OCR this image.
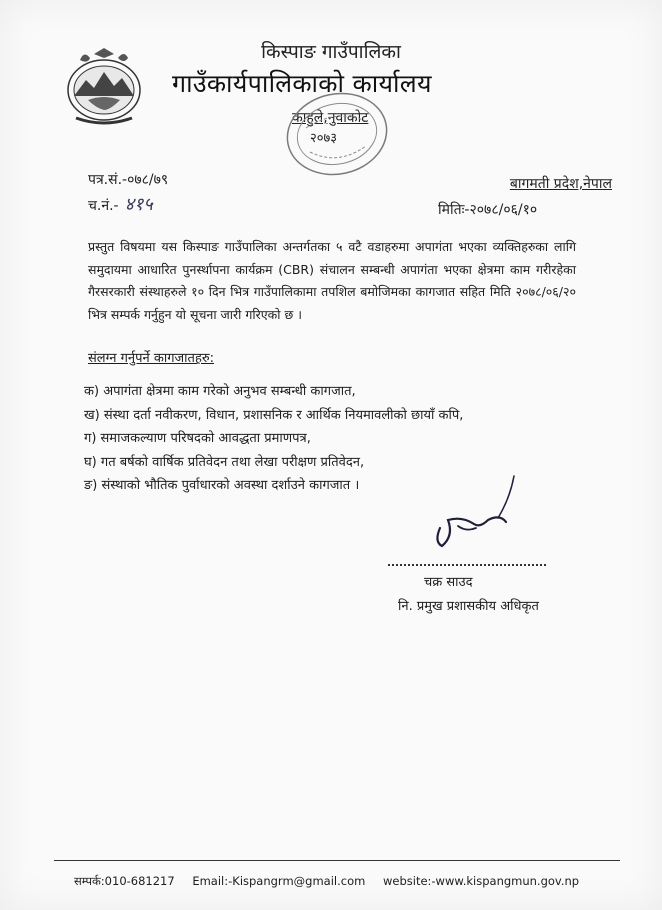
किस्पाङ गाउँपालिका
गाउँकार्यपालिकाको कार्यालय
काहुले,नुवाकोट
२०७३
पत्र.सं.-०७८/७९
च.नं.- ४१५
बागमती प्रदेश,नेपाल
मितिः-२०७८/०६/१०
प्रस्तुत विषयमा यस किस्पाङ गाउँपालिका अन्तर्गतका ५ वटै वडाहरुमा अपागंता भएका व्यक्तिहरुका लागि समुदायमा आधारित पुनर्स्थापना कार्यक्रम (CBR) संचालन सम्बन्धी अपागंता भएका क्षेत्रमा काम गरीरहेका गैरसरकारी संस्थाहरुले १० दिन भित्र गाउँपालिकामा तपशिल बमोजिमका कागजात सहित मिति २०७८/०६/२० भित्र सम्पर्क गर्नुहुन यो सूचना जारी गरिएको छ ।
संलग्न गर्नुपर्ने कागजातहरु:
क) अपागंता क्षेत्रमा काम गरेको अनुभव सम्बन्धी कागजात,
ख) संस्था दर्ता नवीकरण, विधान, प्रशासनिक र आर्थिक नियमावलीको छायाँ कपि,
ग) समाजकल्याण परिषदको आवद्धता प्रमाणपत्र,
घ) गत बर्षको वार्षिक प्रतिवेदन तथा लेखा परीक्षण प्रतिवेदन,
ङ) संस्थाको भौतिक पुर्वाधारको अवस्था दर्शाउने कागजात ।
चक्र साउद
नि. प्रमुख प्रशासकीय अधिकृत
सम्पर्क:010-681217 Email:-Kispangrm@gmail.com website:-www.kispangmun.gov.np
